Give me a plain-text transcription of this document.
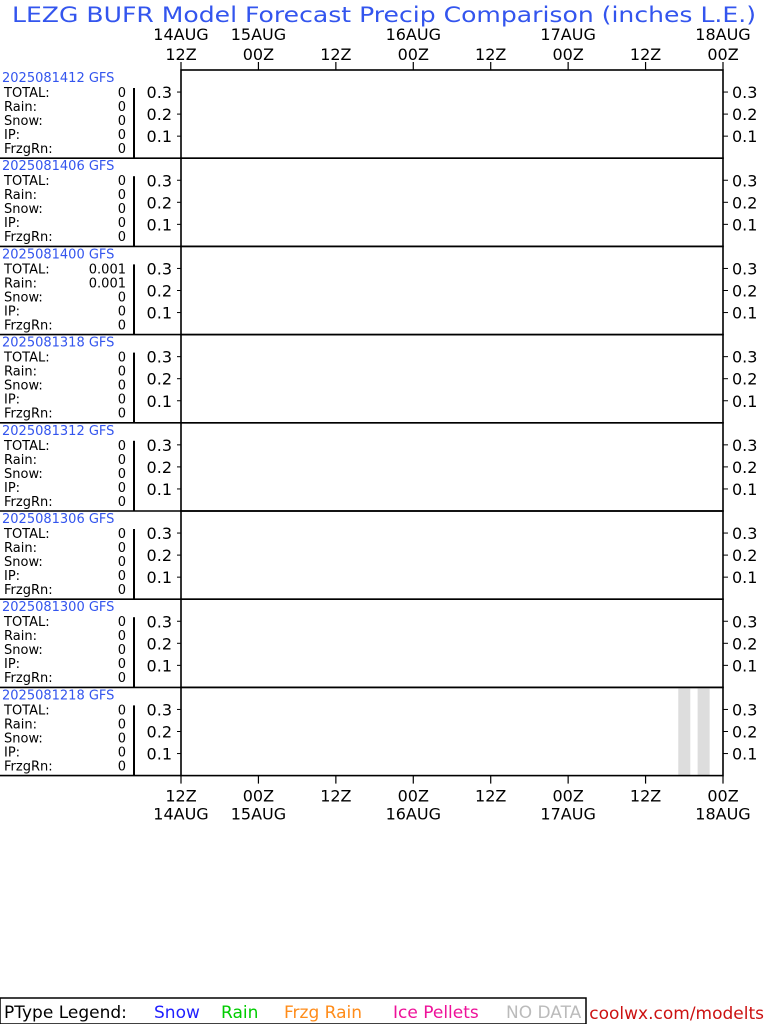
LEZG BUFR Model Forecast Precip Comparison (inches L.E.)
14AUG
12Z
15AUG
00Z	12Z
16AUG
00Z	12Z
17AUG
00Z	12Z
18AUG
00Z
2025081412 GFS
TOTAL:	0
Rain:	0
Snow:	0
IP:	0
FrzgRn:	0
0.3	0.3
0.2	0.2
0.1	0.1
2025081406 GFS
TOTAL:	0
Rain:	0
Snow:	0
IP:	0
FrzgRn:	0
0.3	0.3
0.2	0.2
0.1	0.1
2025081400 GFS
TOTAL:	0.001
Rain:	0.001
Snow:	0
IP:	0
FrzgRn:	0
0.3	0.3
0.2	0.2
0.1	0.1
2025081318 GFS
TOTAL:	0
Rain:	0
Snow:	0
IP:	0
FrzgRn:	0
0.3	0.3
0.2	0.2
0.1	0.1
2025081312 GFS
TOTAL:	0
Rain:	0
Snow:	0
IP:	0
FrzgRn:	0
0.3	0.3
0.2	0.2
0.1	0.1
2025081306 GFS
TOTAL:	0
Rain:	0
Snow:	0
IP:	0
FrzgRn:	0
0.3	0.3
0.2	0.2
0.1	0.1
2025081300 GFS
TOTAL:	0
Rain:	0
Snow:	0
IP:	0
FrzgRn:	0
0.3	0.3
0.2	0.2
0.1	0.1
2025081218 GFS
TOTAL:	0
Rain:	0
Snow:	0
IP:	0
FrzgRn:	0
0.3	0.3
0.2	0.2
0.1	0.1
12Z
14AUG
00Z
15AUG
12Z	00Z
16AUG
12Z	00Z
17AUG
12Z	00Z
18AUG
PType Legend: Snow Rain Frzg Rain Ice Pellets NO DATA coolwx.com/modelts
